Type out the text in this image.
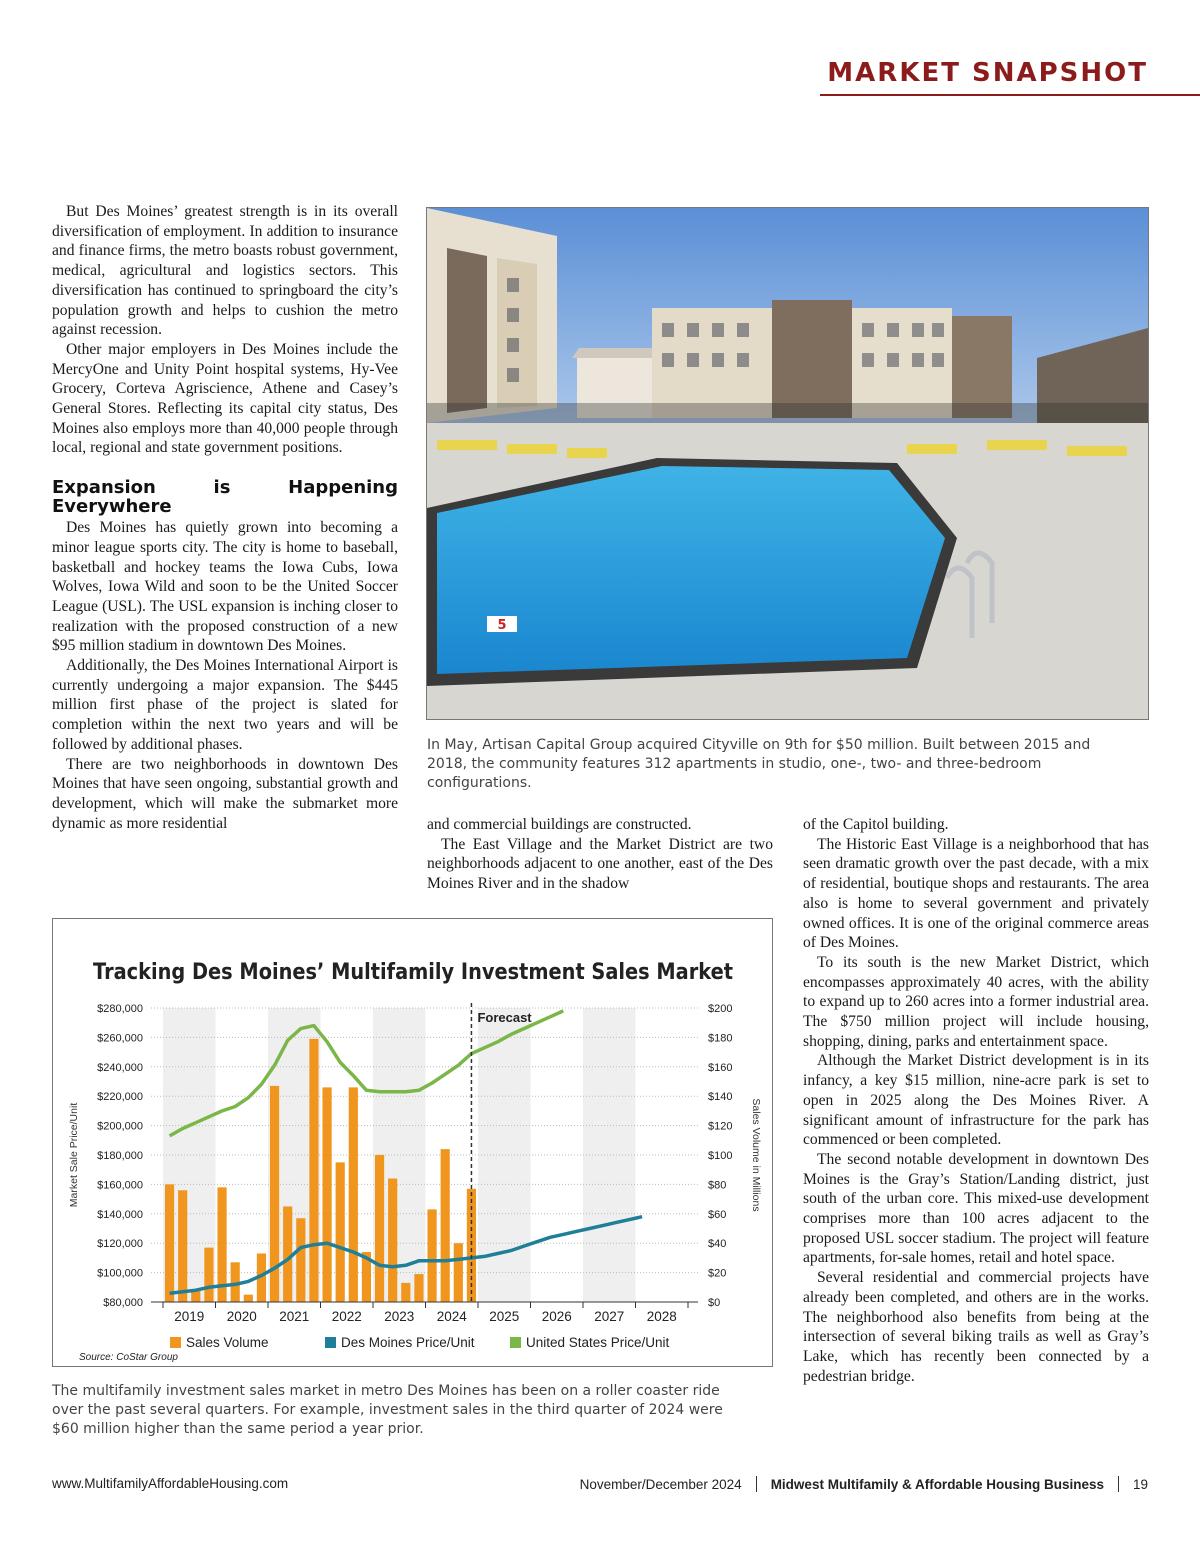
MARKET SNAPSHOT

But Des Moines’ greatest strength is in its overall diversification of employment. In addition to insurance and finance firms, the metro boasts robust government, medical, agricultural and logistics sectors. This diversification has continued to springboard the city’s population growth and helps to cushion the metro against recession.

Other major employers in Des Moines include the MercyOne and Unity Point hospital systems, Hy-Vee Grocery, Corteva Agriscience, Athene and Casey’s General Stores. Reflecting its capital city status, Des Moines also employs more than 40,000 people through local, regional and state government positions.

Expansion is Happening Everywhere

Des Moines has quietly grown into becoming a minor league sports city. The city is home to baseball, basketball and hockey teams the Iowa Cubs, Iowa Wolves, Iowa Wild and soon to be the United Soccer League (USL). The USL expansion is inching closer to realization with the proposed construction of a new $95 million stadium in downtown Des Moines.

Additionally, the Des Moines International Airport is currently undergoing a major expansion. The $445 million first phase of the project is slated for completion within the next two years and will be followed by additional phases.

There are two neighborhoods in downtown Des Moines that have seen ongoing, substantial growth and development, which will make the submarket more dynamic as more residential

5

In May, Artisan Capital Group acquired Cityville on 9th for $50 million. Built between 2015 and 2018, the community features 312 apartments in studio, one-, two- and three-bedroom configurations.

and commercial buildings are constructed.

The East Village and the Market District are two neighborhoods adjacent to one another, east of the Des Moines River and in the shadow

of the Capitol building.

The Historic East Village is a neighborhood that has seen dramatic growth over the past decade, with a mix of residential, boutique shops and restaurants. The area also is home to several government and privately owned offices. It is one of the original commerce areas of Des Moines.

To its south is the new Market District, which encompasses approximately 40 acres, with the ability to expand up to 260 acres into a former industrial area. The $750 million project will include housing, shopping, dining, parks and entertainment space.

Although the Market District development is in its infancy, a key $15 million, nine-acre park is set to open in 2025 along the Des Moines River. A significant amount of infrastructure for the park has commenced or been completed.

The second notable development in downtown Des Moines is the Gray’s Station/Landing district, just south of the urban core. This mixed-use development comprises more than 100 acres adjacent to the proposed USL soccer stadium. The project will feature apartments, for-sale homes, retail and hotel space.

Several residential and commercial projects have already been completed, and others are in the works. The neighborhood also benefits from being at the intersection of several biking trails as well as Gray’s Lake, which has recently been connected by a pedestrian bridge.

Tracking Des Moines’ Multifamily Investment Sales Market
$80,000
$100,000
$120,000
$140,000
$160,000
$180,000
$200,000
$220,000
$240,000
$260,000
$280,000
$0
$20
$40
$60
$80
$100
$120
$140
$160
$180
$200
Market Sale Price/Unit	Sales Volume in Millions
Forecast
2019 2020 2021 2022 2023 2024 2025 2026 2027 2028
Sales Volume	Des Moines Price/Unit	United States Price/Unit
Source: CoStar Group

The multifamily investment sales market in metro Des Moines has been on a roller coaster ride over the past several quarters. For example, investment sales in the third quarter of 2024 were $60 million higher than the same period a year prior.

www.MultifamilyAffordableHousing.com	November/December 2024 Midwest Multifamily & Affordable Housing Business 19
